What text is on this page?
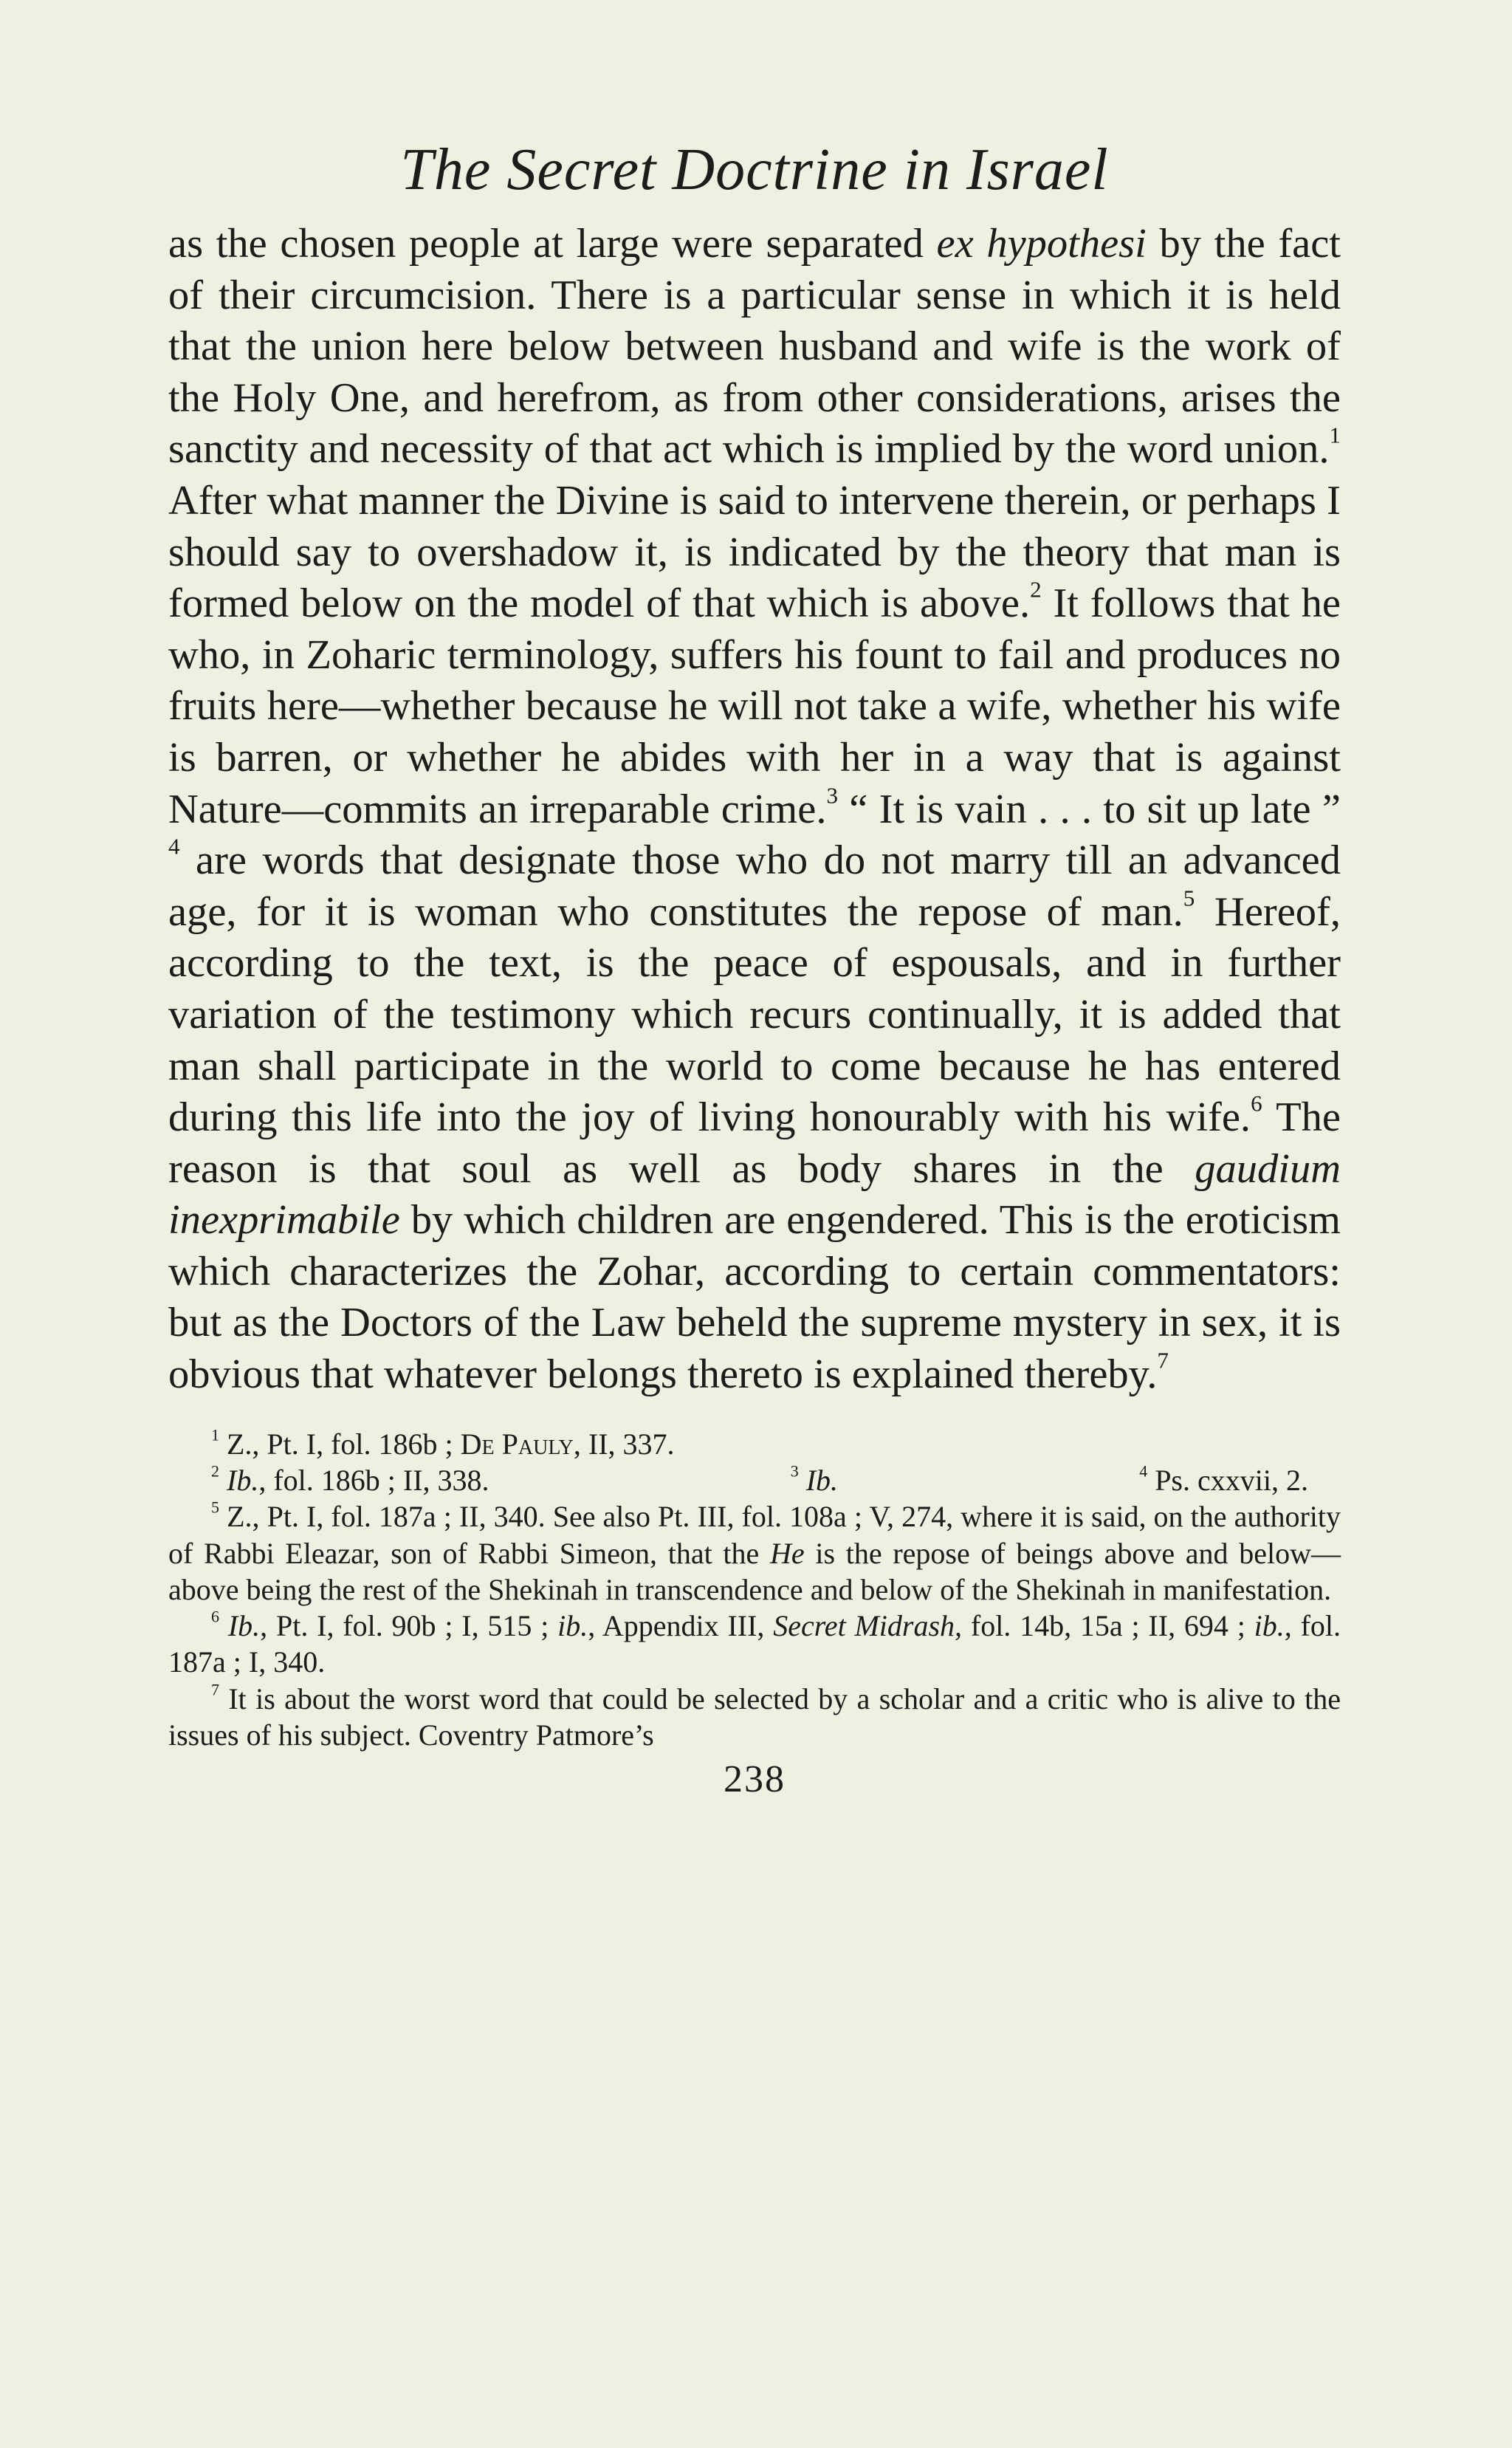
The Secret Doctrine in Israel

as the chosen people at large were separated ex hypothesi by the fact of their circumcision. There is a particular sense in which it is held that the union here below between husband and wife is the work of the Holy One, and herefrom, as from other considerations, arises the sanctity and necessity of that act which is implied by the word union.$^1$ After what manner the Divine is said to intervene therein, or perhaps I should say to overshadow it, is indicated by the theory that man is formed below on the model of that which is above.$^2$ It follows that he who, in Zoharic terminology, suffers his fount to fail and produces no fruits here—whether because he will not take a wife, whether his wife is barren, or whether he abides with her in a way that is against Nature—commits an irreparable crime.$^3$ “ It is vain . . . to sit up late ” $^4$ are words that designate those who do not marry till an advanced age, for it is woman who constitutes the repose of man.$^5$ Hereof, according to the text, is the peace of espousals, and in further variation of the testimony which recurs continually, it is added that man shall participate in the world to come because he has entered during this life into the joy of living honourably with his wife.$^6$ The reason is that soul as well as body shares in the gaudium inexprimabile by which children are engendered. This is the eroticism which characterizes the Zohar, according to certain commentators: but as the Doctors of the Law beheld the supreme mystery in sex, it is obvious that whatever belongs thereto is explained thereby.$^7$

$^1$ Z., Pt. I, fol. 186b ; De Pauly, II, 337.

$^2$ Ib., fol. 186b ; II, 338.	$^3$ Ib.	$^4$ Ps. cxxvii, 2.

$^5$ Z., Pt. I, fol. 187a ; II, 340. See also Pt. III, fol. 108a ; V, 274, where it is said, on the authority of Rabbi Eleazar, son of Rabbi Simeon, that the He is the repose of beings above and below—above being the rest of the Shekinah in transcendence and below of the Shekinah in manifestation.

$^6$ Ib., Pt. I, fol. 90b ; I, 515 ; ib., Appendix III, Secret Midrash, fol. 14b, 15a ; II, 694 ; ib., fol. 187a ; I, 340.

$^7$ It is about the worst word that could be selected by a scholar and a critic who is alive to the issues of his subject. Coventry Patmore’s

238
